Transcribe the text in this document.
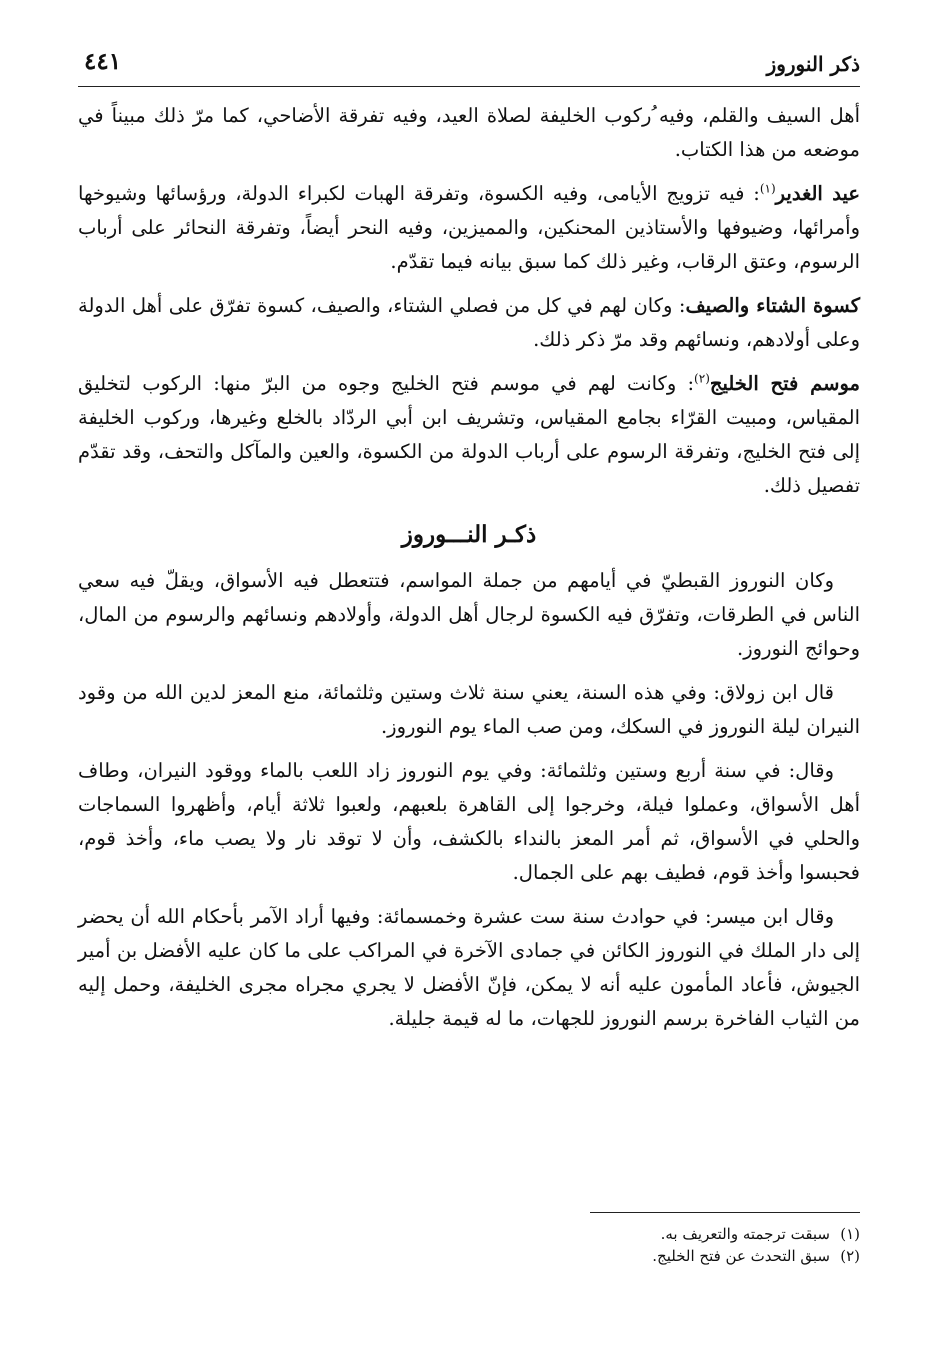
ذكر النوروز
٤٤١

أهل السيف والقلم، وفيه ُركوب الخليفة لصلاة العيد، وفيه تفرقة الأضاحي، كما مرّ ذلك مبيناً في موضعه من هذا الكتاب.

عيد الغدير$^{(١)}$: فيه تزويج الأيامى، وفيه الكسوة، وتفرقة الهبات لكبراء الدولة، ورؤسائها وشيوخها وأمرائها، وضيوفها والأستاذين المحنكين، والمميزين، وفيه النحر أيضاً، وتفرقة النحائر على أرباب الرسوم، وعتق الرقاب، وغير ذلك كما سبق بيانه فيما تقدّم.

كسوة الشتاء والصيف: وكان لهم في كل من فصلي الشتاء، والصيف، كسوة تفرّق على أهل الدولة وعلى أولادهم، ونسائهم وقد مرّ ذكر ذلك.

موسم فتح الخليج$^{(٢)}$: وكانت لهم في موسم فتح الخليج وجوه من البرّ منها: الركوب لتخليق المقياس، ومبيت القرّاء بجامع المقياس، وتشريف ابن أبي الردّاد بالخلع وغيرها، وركوب الخليفة إلى فتح الخليج، وتفرقة الرسوم على أرباب الدولة من الكسوة، والعين والمآكل والتحف، وقد تقدّم تفصيل ذلك.

ذكـر النـــوروز

وكان النوروز القبطيّ في أيامهم من جملة المواسم، فتتعطل فيه الأسواق، ويقلّ فيه سعي الناس في الطرقات، وتفرّق فيه الكسوة لرجال أهل الدولة، وأولادهم ونسائهم والرسوم من المال، وحوائج النوروز.

قال ابن زولاق: وفي هذه السنة، يعني سنة ثلاث وستين وثلثمائة، منع المعز لدين الله من وقود النيران ليلة النوروز في السكك، ومن صب الماء يوم النوروز.

وقال: في سنة أربع وستين وثلثمائة: وفي يوم النوروز زاد اللعب بالماء ووقود النيران، وطاف أهل الأسواق، وعملوا فيلة، وخرجوا إلى القاهرة بلعبهم، ولعبوا ثلاثة أيام، وأظهروا السماجات والحلي في الأسواق، ثم أمر المعز بالنداء بالكشف، وأن لا توقد نار ولا يصب ماء، وأخذ قوم، فحبسوا وأخذ قوم، فطيف بهم على الجمال.

وقال ابن ميسر: في حوادث سنة ست عشرة وخمسمائة: وفيها أراد الآمر بأحكام الله أن يحضر إلى دار الملك في النوروز الكائن في جمادى الآخرة في المراكب على ما كان عليه الأفضل بن أمير الجيوش، فأعاد المأمون عليه أنه لا يمكن، فإنّ الأفضل لا يجري مجراه مجرى الخليفة، وحمل إليه من الثياب الفاخرة برسم النوروز للجهات، ما له قيمة جليلة.

(١)سبقت ترجمته والتعريف به.

(٢)سبق التحدث عن فتح الخليج.
